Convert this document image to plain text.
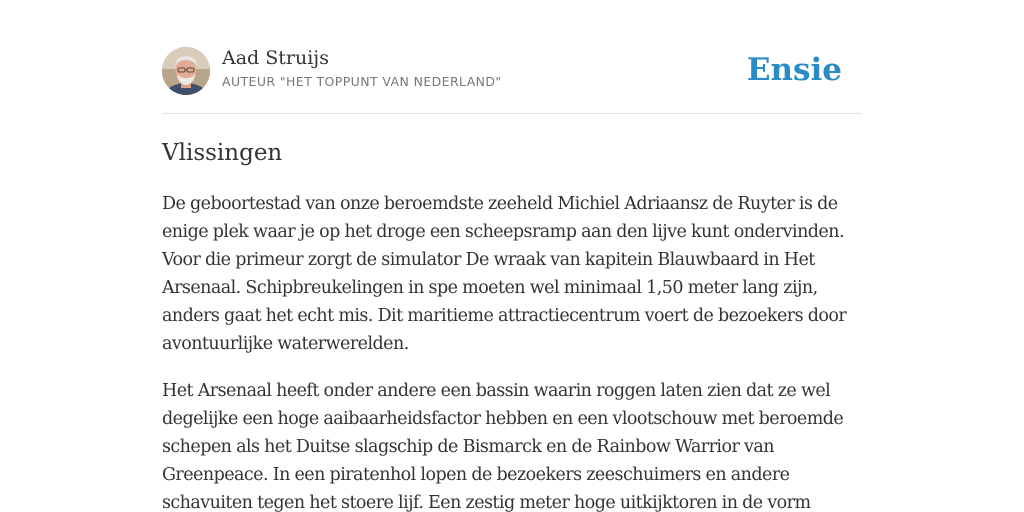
Aad Struijs
AUTEUR "HET TOPPUNT VAN NEDERLAND"	Ensie
Vlissingen

De geboortestad van onze beroemdste zeeheld Michiel Adriaansz de Ruyter is de
enige plek waar je op het droge een scheepsramp aan den lijve kunt ondervinden.
Voor die primeur zorgt de simulator De wraak van kapitein Blauwbaard in Het
Arsenaal. Schipbreukelingen in spe moeten wel minimaal 1,50 meter lang zijn,
anders gaat het echt mis. Dit maritieme attractiecentrum voert de bezoekers door
avontuurlijke waterwerelden.

Het Arsenaal heeft onder andere een bassin waarin roggen laten zien dat ze wel
degelijke een hoge aaibaarheidsfactor hebben en een vlootschouw met beroemde
schepen als het Duitse slagschip de Bismarck en de Rainbow Warrior van
Greenpeace. In een piratenhol lopen de bezoekers zeeschuimers en andere
schavuiten tegen het stoere lijf. Een zestig meter hoge uitkijktoren in de vorm
